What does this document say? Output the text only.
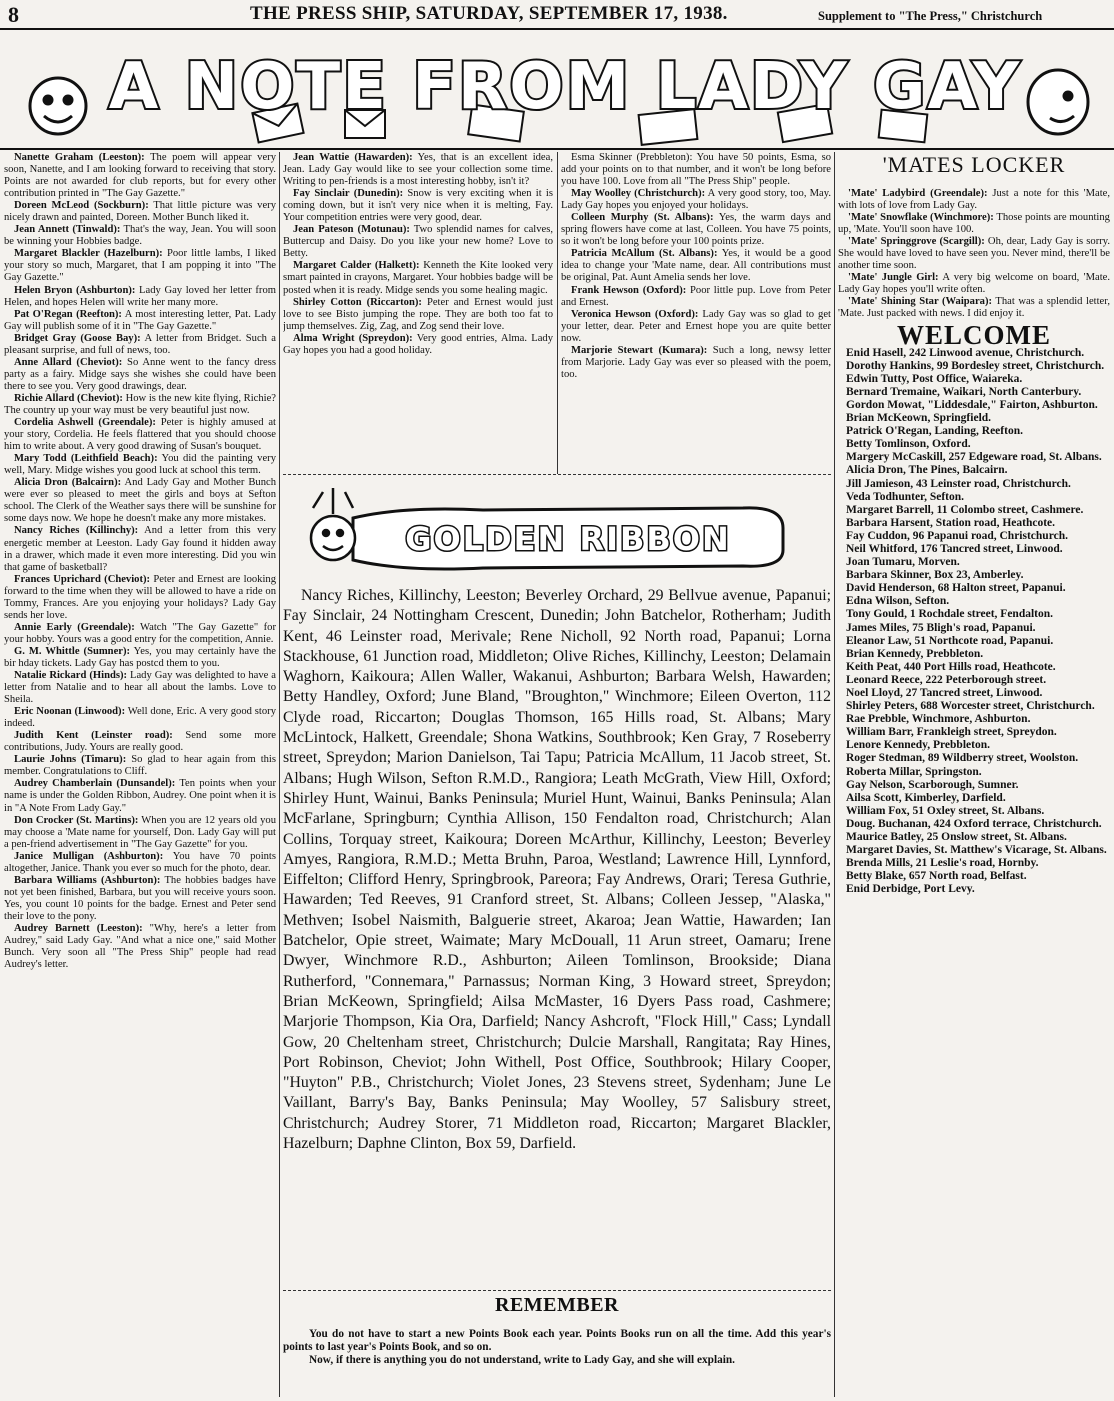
8	THE PRESS SHIP, SATURDAY, SEPTEMBER 17, 1938.	Supplement to "The Press," Christchurch
A NOTE FROM LADY GAY

Nanette Graham (Leeston): The poem will appear very soon, Nanette, and I am looking forward to receiving that story. Points are not awarded for club reports, but for every other contribution printed in "The Gay Gazette."

Doreen McLeod (Sockburn): That little picture was very nicely drawn and painted, Doreen. Mother Bunch liked it.

Jean Annett (Tinwald): That's the way, Jean. You will soon be winning your Hobbies badge.

Margaret Blackler (Hazelburn): Poor little lambs, I liked your story so much, Margaret, that I am popping it into "The Gay Gazette."

Helen Bryon (Ashburton): Lady Gay loved her letter from Helen, and hopes Helen will write her many more.

Pat O'Regan (Reefton): A most interesting letter, Pat. Lady Gay will publish some of it in "The Gay Gazette."

Bridget Gray (Goose Bay): A letter from Bridget. Such a pleasant surprise, and full of news, too.

Anne Allard (Cheviot): So Anne went to the fancy dress party as a fairy. Midge says she wishes she could have been there to see you. Very good drawings, dear.

Richie Allard (Cheviot): How is the new kite flying, Richie? The country up your way must be very beautiful just now.

Cordelia Ashwell (Greendale): Peter is highly amused at your story, Cordelia. He feels flattered that you should choose him to write about. A very good drawing of Susan's bouquet.

Mary Todd (Leithfield Beach): You did the painting very well, Mary. Midge wishes you good luck at school this term.

Alicia Dron (Balcairn): And Lady Gay and Mother Bunch were ever so pleased to meet the girls and boys at Sefton school. The Clerk of the Weather says there will be sunshine for some days now. We hope he doesn't make any more mistakes.

Nancy Riches (Killinchy): And a letter from this very energetic member at Leeston. Lady Gay found it hidden away in a drawer, which made it even more interesting. Did you win that game of basketball?

Frances Uprichard (Cheviot): Peter and Ernest are looking forward to the time when they will be allowed to have a ride on Tommy, Frances. Are you enjoying your holidays? Lady Gay sends her love.

Annie Early (Greendale): Watch "The Gay Gazette" for your hobby. Yours was a good entry for the competition, Annie.

G. M. Whittle (Sumner): Yes, you may certainly have the bir hday tickets. Lady Gay has postcd them to you.

Natalie Rickard (Hinds): Lady Gay was delighted to have a letter from Natalie and to hear all about the lambs. Love to Sheila.

Eric Noonan (Linwood): Well done, Eric. A very good story indeed.

Judith Kent (Leinster road): Send some more contributions, Judy. Yours are really good.

Laurie Johns (Timaru): So glad to hear again from this member. Congratulations to Cliff.

Audrey Chamberlain (Dunsandel): Ten points when your name is under the Golden Ribbon, Audrey. One point when it is in "A Note From Lady Gay."

Don Crocker (St. Martins): When you are 12 years old you may choose a 'Mate name for yourself, Don. Lady Gay will put a pen-friend advertisement in "The Gay Gazette" for you.

Janice Mulligan (Ashburton): You have 70 points altogether, Janice. Thank you ever so much for the photo, dear.

Barbara Williams (Ashburton): The hobbies badges have not yet been finished, Barbara, but you will receive yours soon. Yes, you count 10 points for the badge. Ernest and Peter send their love to the pony.

Audrey Barnett (Leeston): "Why, here's a letter from Audrey," said Lady Gay. "And what a nice one," said Mother Bunch. Very soon all "The Press Ship" people had read Audrey's letter.

Jean Wattie (Hawarden): Yes, that is an excellent idea, Jean. Lady Gay would like to see your collection some time. Writing to pen-friends is a most interesting hobby, isn't it?

Fay Sinclair (Dunedin): Snow is very exciting when it is coming down, but it isn't very nice when it is melting, Fay. Your competition entries were very good, dear.

Jean Pateson (Motunau): Two splendid names for calves, Buttercup and Daisy. Do you like your new home? Love to Betty.

Margaret Calder (Halkett): Kenneth the Kite looked very smart painted in crayons, Margaret. Your hobbies badge will be posted when it is ready. Midge sends you some healing magic.

Shirley Cotton (Riccarton): Peter and Ernest would just love to see Bisto jumping the rope. They are both too fat to jump themselves. Zig, Zag, and Zog send their love.

Alma Wright (Spreydon): Very good entries, Alma. Lady Gay hopes you had a good holiday.

Esma Skinner (Prebbleton): You have 50 points, Esma, so add your points on to that number, and it won't be long before you have 100. Love from all "The Press Ship" people.

May Woolley (Christchurch): A very good story, too, May. Lady Gay hopes you enjoyed your holidays.

Colleen Murphy (St. Albans): Yes, the warm days and spring flowers have come at last, Colleen. You have 75 points, so it won't be long before your 100 points prize.

Patricia McAllum (St. Albans): Yes, it would be a good idea to change your 'Mate name, dear. All contributions must be original, Pat. Aunt Amelia sends her love.

Frank Hewson (Oxford): Poor little pup. Love from Peter and Ernest.

Veronica Hewson (Oxford): Lady Gay was so glad to get your letter, dear. Peter and Ernest hope you are quite better now.

Marjorie Stewart (Kumara): Such a long, newsy letter from Marjorie. Lady Gay was ever so pleased with the poem, too.

'MATES LOCKER

'Mate' Ladybird (Greendale): Just a note for this 'Mate, with lots of love from Lady Gay.

'Mate' Snowflake (Winchmore): Those points are mounting up, 'Mate. You'll soon have 100.

'Mate' Springgrove (Scargill): Oh, dear, Lady Gay is sorry. She would have loved to have seen you. Never mind, there'll be another time soon.

'Mate' Jungle Girl: A very big welcome on board, 'Mate. Lady Gay hopes you'll write often.

'Mate' Shining Star (Waipara): That was a splendid letter, 'Mate. Just packed with news. I did enjoy it.

WELCOME
Enid Hasell, 242 Linwood avenue, Christchurch.
Dorothy Hankins, 99 Bordesley street, Christchurch.
Edwin Tutty, Post Office, Waiareka.
Bernard Tremaine, Waikari, North Canterbury.
Gordon Mowat, "Liddesdale," Fairton, Ashburton.
Brian McKeown, Springfield.
Patrick O'Regan, Landing, Reefton.
Betty Tomlinson, Oxford.
Margery McCaskill, 257 Edgeware road, St. Albans.
Alicia Dron, The Pines, Balcairn.
Jill Jamieson, 43 Leinster road, Christchurch.
Veda Todhunter, Sefton.
Margaret Barrell, 11 Colombo street, Cashmere.
Barbara Harsent, Station road, Heathcote.
Fay Cuddon, 96 Papanui road, Christchurch.
Neil Whitford, 176 Tancred street, Linwood.
Joan Tumaru, Morven.
Barbara Skinner, Box 23, Amberley.
David Henderson, 68 Halton street, Papanui.
Edna Wilson, Sefton.
Tony Gould, 1 Rochdale street, Fendalton.
James Miles, 75 Bligh's road, Papanui.
Eleanor Law, 51 Northcote road, Papanui.
Brian Kennedy, Prebbleton.
Keith Peat, 440 Port Hills road, Heathcote.
Leonard Reece, 222 Peterborough street.
Noel Lloyd, 27 Tancred street, Linwood.
Shirley Peters, 688 Worcester street, Christchurch.
Rae Prebble, Winchmore, Ashburton.
William Barr, Frankleigh street, Spreydon.
Lenore Kennedy, Prebbleton.
Roger Stedman, 89 Wildberry street, Woolston.
Roberta Millar, Springston.
Gay Nelson, Scarborough, Sumner.
Ailsa Scott, Kimberley, Darfield.
William Fox, 51 Oxley street, St. Albans.
Doug. Buchanan, 424 Oxford terrace, Christchurch.
Maurice Batley, 25 Onslow street, St. Albans.
Margaret Davies, St. Matthew's Vicarage, St. Albans.
Brenda Mills, 21 Leslie's road, Hornby.
Betty Blake, 657 North road, Belfast.
Enid Derbidge, Port Levy.
GOLDEN RIBBON
Nancy Riches, Killinchy, Leeston; Beverley Orchard, 29 Bellvue avenue, Papanui; Fay Sinclair, 24 Nottingham Crescent, Dunedin; John Batchelor, Rotherham; Judith Kent, 46 Leinster road, Merivale; Rene Nicholl, 92 North road, Papanui; Lorna Stackhouse, 61 Junction road, Middleton; Olive Riches, Killinchy, Leeston; Delamain Waghorn, Kaikoura; Allen Waller, Wakanui, Ashburton; Barbara Welsh, Hawarden; Betty Handley, Oxford; June Bland, "Broughton," Winchmore; Eileen Overton, 112 Clyde road, Riccarton; Douglas Thomson, 165 Hills road, St. Albans; Mary McLintock, Halkett, Greendale; Shona Watkins, Southbrook; Ken Gray, 7 Roseberry street, Spreydon; Marion Danielson, Tai Tapu; Patricia McAllum, 11 Jacob street, St. Albans; Hugh Wilson, Sefton R.M.D., Rangiora; Leath McGrath, View Hill, Oxford; Shirley Hunt, Wainui, Banks Peninsula; Muriel Hunt, Wainui, Banks Peninsula; Alan McFarlane, Springburn; Cynthia Allison, 150 Fendalton road, Christchurch; Alan Collins, Torquay street, Kaikoura; Doreen McArthur, Killinchy, Leeston; Beverley Amyes, Rangiora, R.M.D.; Metta Bruhn, Paroa, Westland; Lawrence Hill, Lynnford, Eiffelton; Clifford Henry, Springbrook, Pareora; Fay Andrews, Orari; Teresa Guthrie, Hawarden; Ted Reeves, 91 Cranford street, St. Albans; Colleen Jessep, "Alaska," Methven; Isobel Naismith, Balguerie street, Akaroa; Jean Wattie, Hawarden; Ian Batchelor, Opie street, Waimate; Mary McDouall, 11 Arun street, Oamaru; Irene Dwyer, Winchmore R.D., Ashburton; Aileen Tomlinson, Brookside; Diana Rutherford, "Connemara," Parnassus; Norman King, 3 Howard street, Spreydon; Brian McKeown, Springfield; Ailsa McMaster, 16 Dyers Pass road, Cashmere; Marjorie Thompson, Kia Ora, Darfield; Nancy Ashcroft, "Flock Hill," Cass; Lyndall Gow, 20 Cheltenham street, Christchurch; Dulcie Marshall, Rangitata; Ray Hines, Port Robinson, Cheviot; John Withell, Post Office, Southbrook; Hilary Cooper, "Huyton" P.B., Christchurch; Violet Jones, 23 Stevens street, Sydenham; June Le Vaillant, Barry's Bay, Banks Peninsula; May Woolley, 57 Salisbury street, Christchurch; Audrey Storer, 71 Middleton road, Riccarton; Margaret Blackler, Hazelburn; Daphne Clinton, Box 59, Darfield.
REMEMBER

You do not have to start a new Points Book each year. Points Books run on all the time. Add this year's points to last year's Points Book, and so on.

Now, if there is anything you do not understand, write to Lady Gay, and she will explain.
